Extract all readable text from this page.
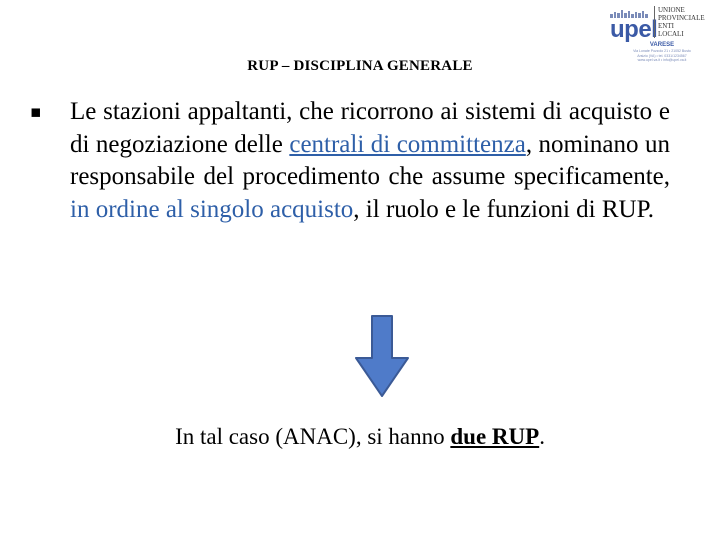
RUP – DISCIPLINA GENERALE
upel
UNIONE
PROVINCIALE
ENTI
LOCALI
VARESE
Via Lonate Pozzolo 21 • 21052 Busto
Arsizio (VA) • tel. 0331/1234567
www.upel.va.it • info@upel.va.it
▪ Le stazioni appaltanti, che ricorrono ai sistemi di acquisto e di negoziazione delle centrali di committenza, nominano un responsabile del procedimento che assume specificamente, in ordine al singolo acquisto, il ruolo e le funzioni di RUP.
In tal caso (ANAC), si hanno due RUP.
